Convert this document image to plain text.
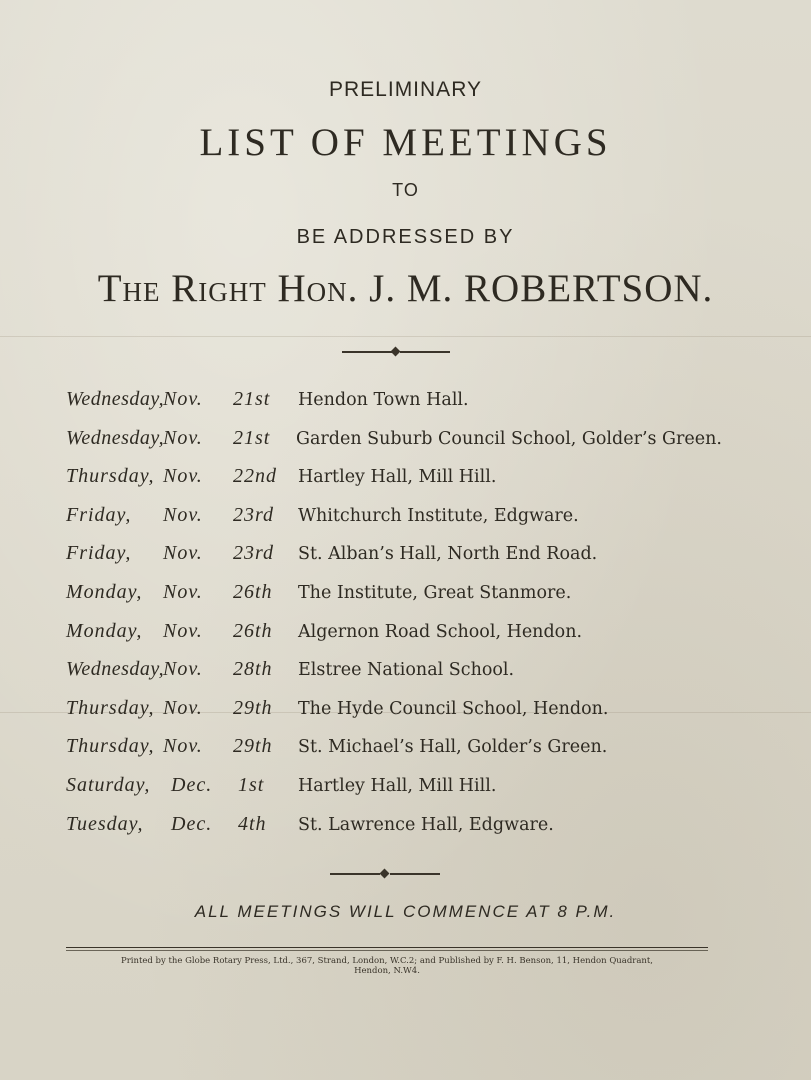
PRELIMINARY
LIST OF MEETINGS
TO
BE ADDRESSED BY
The Right Hon. J. M. ROBERTSON.
Wednesday,
Nov. 21st Hendon Town Hall.
Wednesday,
Nov. 21st Garden Suburb Council School, Golder’s Green.
Thursday, Nov. 22nd Hartley Hall, Mill Hill.
Friday, Nov. 23rd Whitchurch Institute, Edgware.
Friday, Nov. 23rd St. Alban’s Hall, North End Road.
Monday, Nov. 26th The Institute, Great Stanmore.
Monday, Nov. 26th Algernon Road School, Hendon.
Wednesday,
Nov. 28th Elstree National School.
Thursday, Nov. 29th The Hyde Council School, Hendon.
Thursday, Nov. 29th St. Michael’s Hall, Golder’s Green.
Saturday, Dec. 1st Hartley Hall, Mill Hill.
Tuesday, Dec. 4th St. Lawrence Hall, Edgware.
ALL MEETINGS WILL COMMENCE AT 8 P.M.
Printed by the Globe Rotary Press, Ltd., 367, Strand, London, W.C.2; and Published by F. H. Benson, 11, Hendon Quadrant,
Hendon, N.W4.
